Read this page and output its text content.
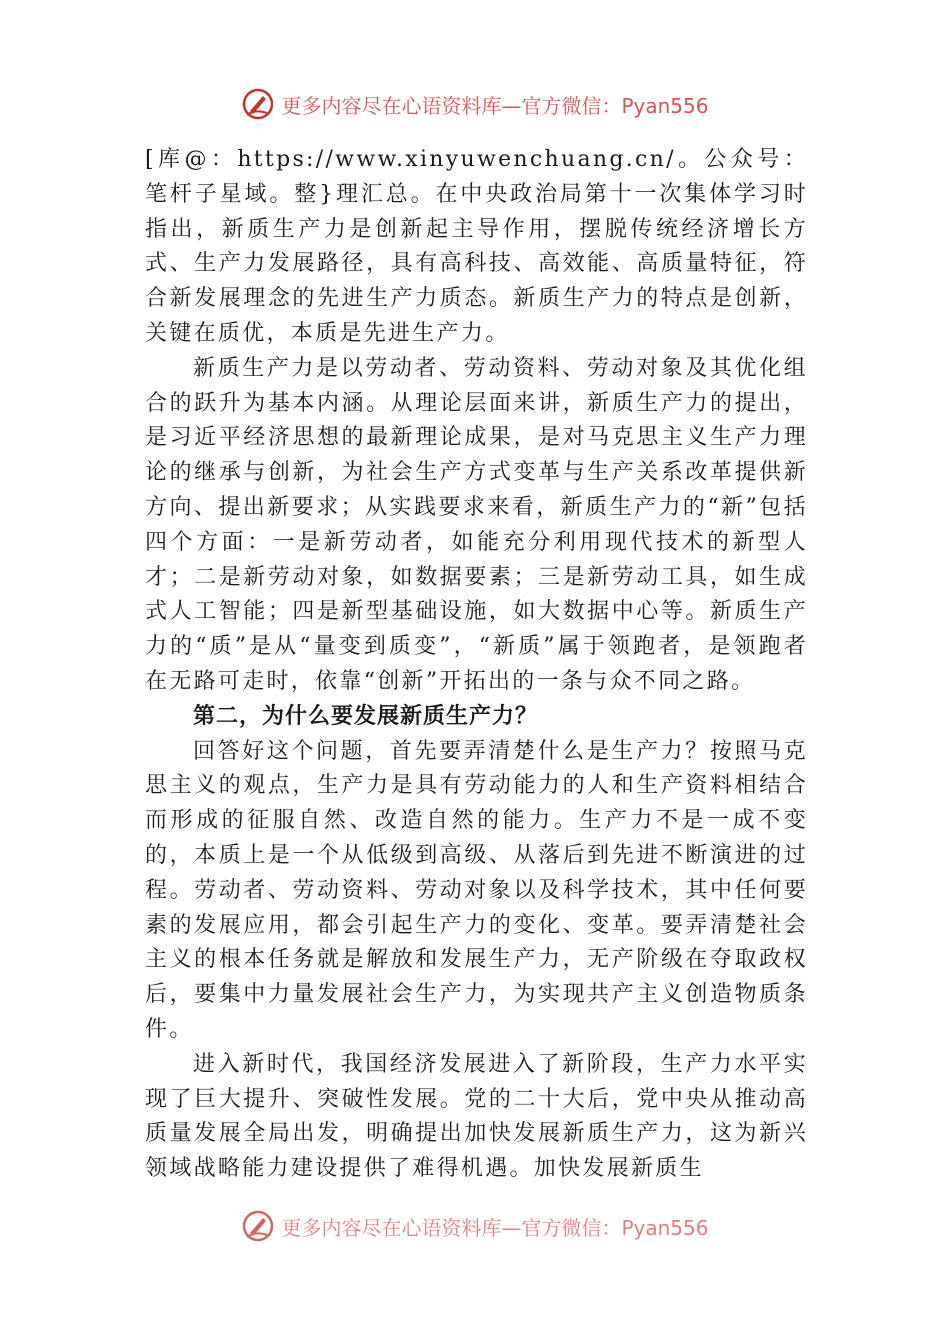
更多内容尽在心语资料库—官方微信：Pyan556

[库@：https://www.xinyuwenchuang.cn/。公众号：笔杆子星域。整}理汇总。在中央政治局第十一次集体学习时指出，新质生产力是创新起主导作用，摆脱传统经济增长方式、生产力发展路径，具有高科技、高效能、高质量特征，符合新发展理念的先进生产力质态。新质生产力的特点是创新，关键在质优，本质是先进生产力。

新质生产力是以劳动者、劳动资料、劳动对象及其优化组合的跃升为基本内涵。从理论层面来讲，新质生产力的提出，是习近平经济思想的最新理论成果，是对马克思主义生产力理论的继承与创新，为社会生产方式变革与生产关系改革提供新方向、提出新要求；从实践要求来看，新质生产力的“新”包括四个方面：一是新劳动者，如能充分利用现代技术的新型人才；二是新劳动对象，如数据要素；三是新劳动工具，如生成式人工智能；四是新型基础设施，如大数据中心等。新质生产力的“质”是从“量变到质变”，“新质”属于领跑者，是领跑者在无路可走时，依靠“创新”开拓出的一条与众不同之路。

第二，为什么要发展新质生产力？

回答好这个问题，首先要弄清楚什么是生产力？按照马克思主义的观点，生产力是具有劳动能力的人和生产资料相结合而形成的征服自然、改造自然的能力。生产力不是一成不变的，本质上是一个从低级到高级、从落后到先进不断演进的过程。劳动者、劳动资料、劳动对象以及科学技术，其中任何要素的发展应用，都会引起生产力的变化、变革。要弄清楚社会主义的根本任务就是解放和发展生产力，无产阶级在夺取政权后，要集中力量发展社会生产力，为实现共产主义创造物质条件。

进入新时代，我国经济发展进入了新阶段，生产力水平实现了巨大提升、突破性发展。党的二十大后，党中央从推动高质量发展全局出发，明确提出加快发展新质生产力，这为新兴领域战略能力建设提供了难得机遇。加快发展新质生

更多内容尽在心语资料库—官方微信：Pyan556
